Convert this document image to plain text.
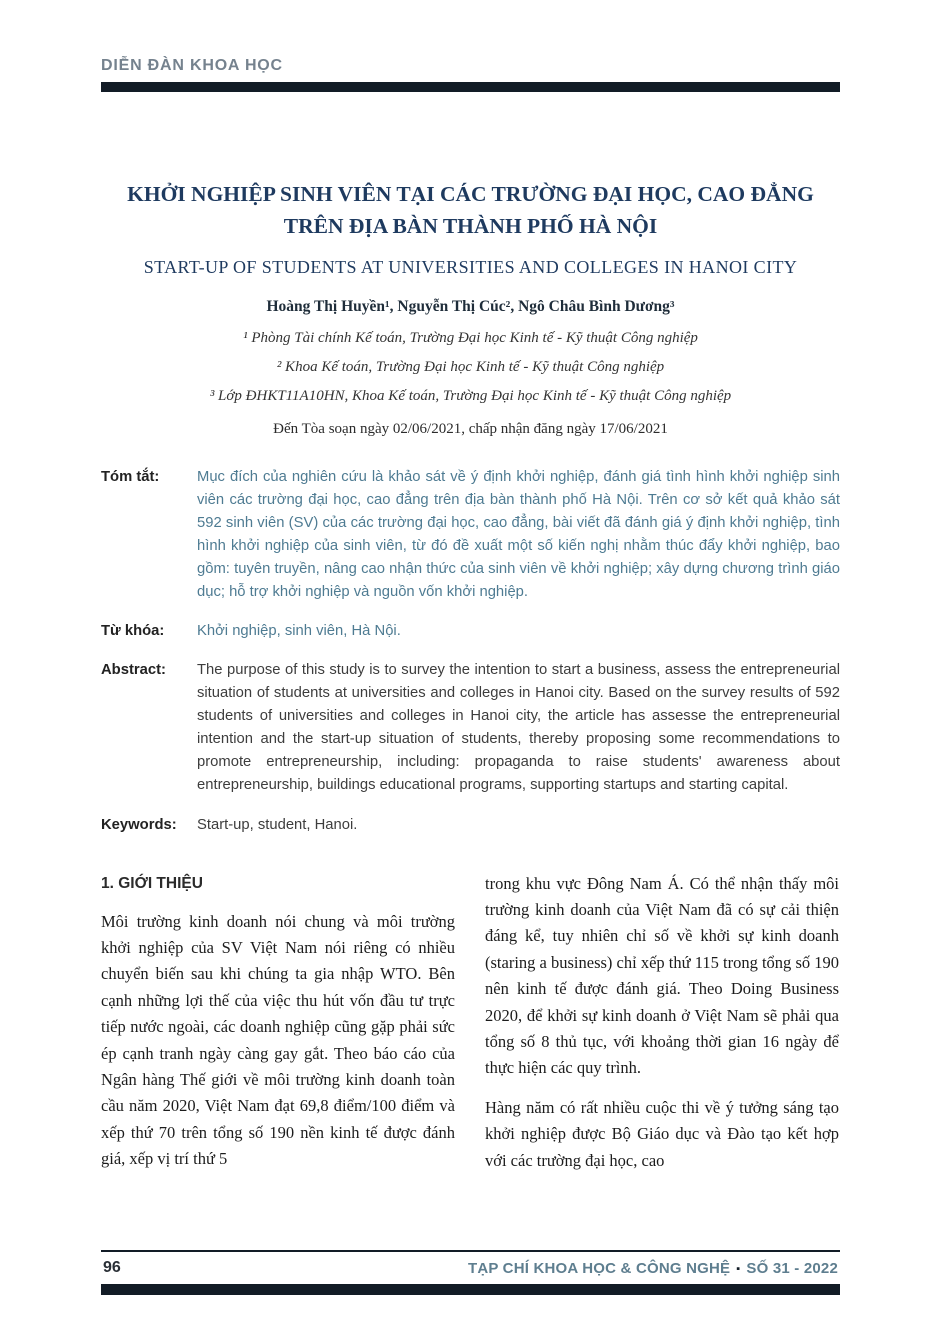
DIỄN ĐÀN KHOA HỌC
KHỞI NGHIỆP SINH VIÊN TẠI CÁC TRƯỜNG ĐẠI HỌC, CAO ĐẲNG
TRÊN ĐỊA BÀN THÀNH PHỐ HÀ NỘI
START-UP OF STUDENTS AT UNIVERSITIES AND COLLEGES IN HANOI CITY
Hoàng Thị Huyền¹, Nguyễn Thị Cúc², Ngô Châu Bình Dương³
¹ Phòng Tài chính Kế toán, Trường Đại học Kinh tế - Kỹ thuật Công nghiệp
² Khoa Kế toán, Trường Đại học Kinh tế - Kỹ thuật Công nghiệp
³ Lớp ĐHKT11A10HN, Khoa Kế toán, Trường Đại học Kinh tế - Kỹ thuật Công nghiệp
Đến Tòa soạn ngày 02/06/2021, chấp nhận đăng ngày 17/06/2021
Tóm tắt:	Mục đích của nghiên cứu là khảo sát về ý định khởi nghiệp, đánh giá tình hình khởi nghiệp sinh viên các trường đại học, cao đẳng trên địa bàn thành phố Hà Nội. Trên cơ sở kết quả khảo sát 592 sinh viên (SV) của các trường đại học, cao đẳng, bài viết đã đánh giá ý định khởi nghiệp, tình hình khởi nghiệp của sinh viên, từ đó đề xuất một số kiến nghị nhằm thúc đẩy khởi nghiệp, bao gồm: tuyên truyền, nâng cao nhận thức của sinh viên về khởi nghiệp; xây dựng chương trình giáo dục; hỗ trợ khởi nghiệp và nguồn vốn khởi nghiệp.
Từ khóa:	Khởi nghiệp, sinh viên, Hà Nội.
Abstract:	The purpose of this study is to survey the intention to start a business, assess the entrepreneurial situation of students at universities and colleges in Hanoi city. Based on the survey results of 592 students of universities and colleges in Hanoi city, the article has assesse the entrepreneurial intention and the start-up situation of students, thereby proposing some recommendations to promote entrepreneurship, including: propaganda to raise students' awareness about entrepreneurship, buildings educational programs, supporting startups and starting capital.
Keywords:	Start-up, student, Hanoi.
1. GIỚI THIỆU

Môi trường kinh doanh nói chung và môi trường khởi nghiệp của SV Việt Nam nói riêng có nhiều chuyển biến sau khi chúng ta gia nhập WTO. Bên cạnh những lợi thế của việc thu hút vốn đầu tư trực tiếp nước ngoài, các doanh nghiệp cũng gặp phải sức ép cạnh tranh ngày càng gay gắt. Theo báo cáo của Ngân hàng Thế giới về môi trường kinh doanh toàn cầu năm 2020, Việt Nam đạt 69,8 điểm/100 điểm và xếp thứ 70 trên tổng số 190 nền kinh tế được đánh giá, xếp vị trí thứ 5

trong khu vực Đông Nam Á. Có thể nhận thấy môi trường kinh doanh của Việt Nam đã có sự cải thiện đáng kể, tuy nhiên chỉ số về khởi sự kinh doanh (staring a business) chỉ xếp thứ 115 trong tổng số 190 nên kinh tế được đánh giá. Theo Doing Business 2020, để khởi sự kinh doanh ở Việt Nam sẽ phải qua tổng số 8 thủ tục, với khoảng thời gian 16 ngày để thực hiện các quy trình.

Hàng năm có rất nhiều cuộc thi về ý tưởng sáng tạo khởi nghiệp được Bộ Giáo dục và Đào tạo kết hợp với các trường đại học, cao

96	TẠP CHÍ KHOA HỌC & CÔNG NGHỆ ▪ SỐ 31 - 2022
